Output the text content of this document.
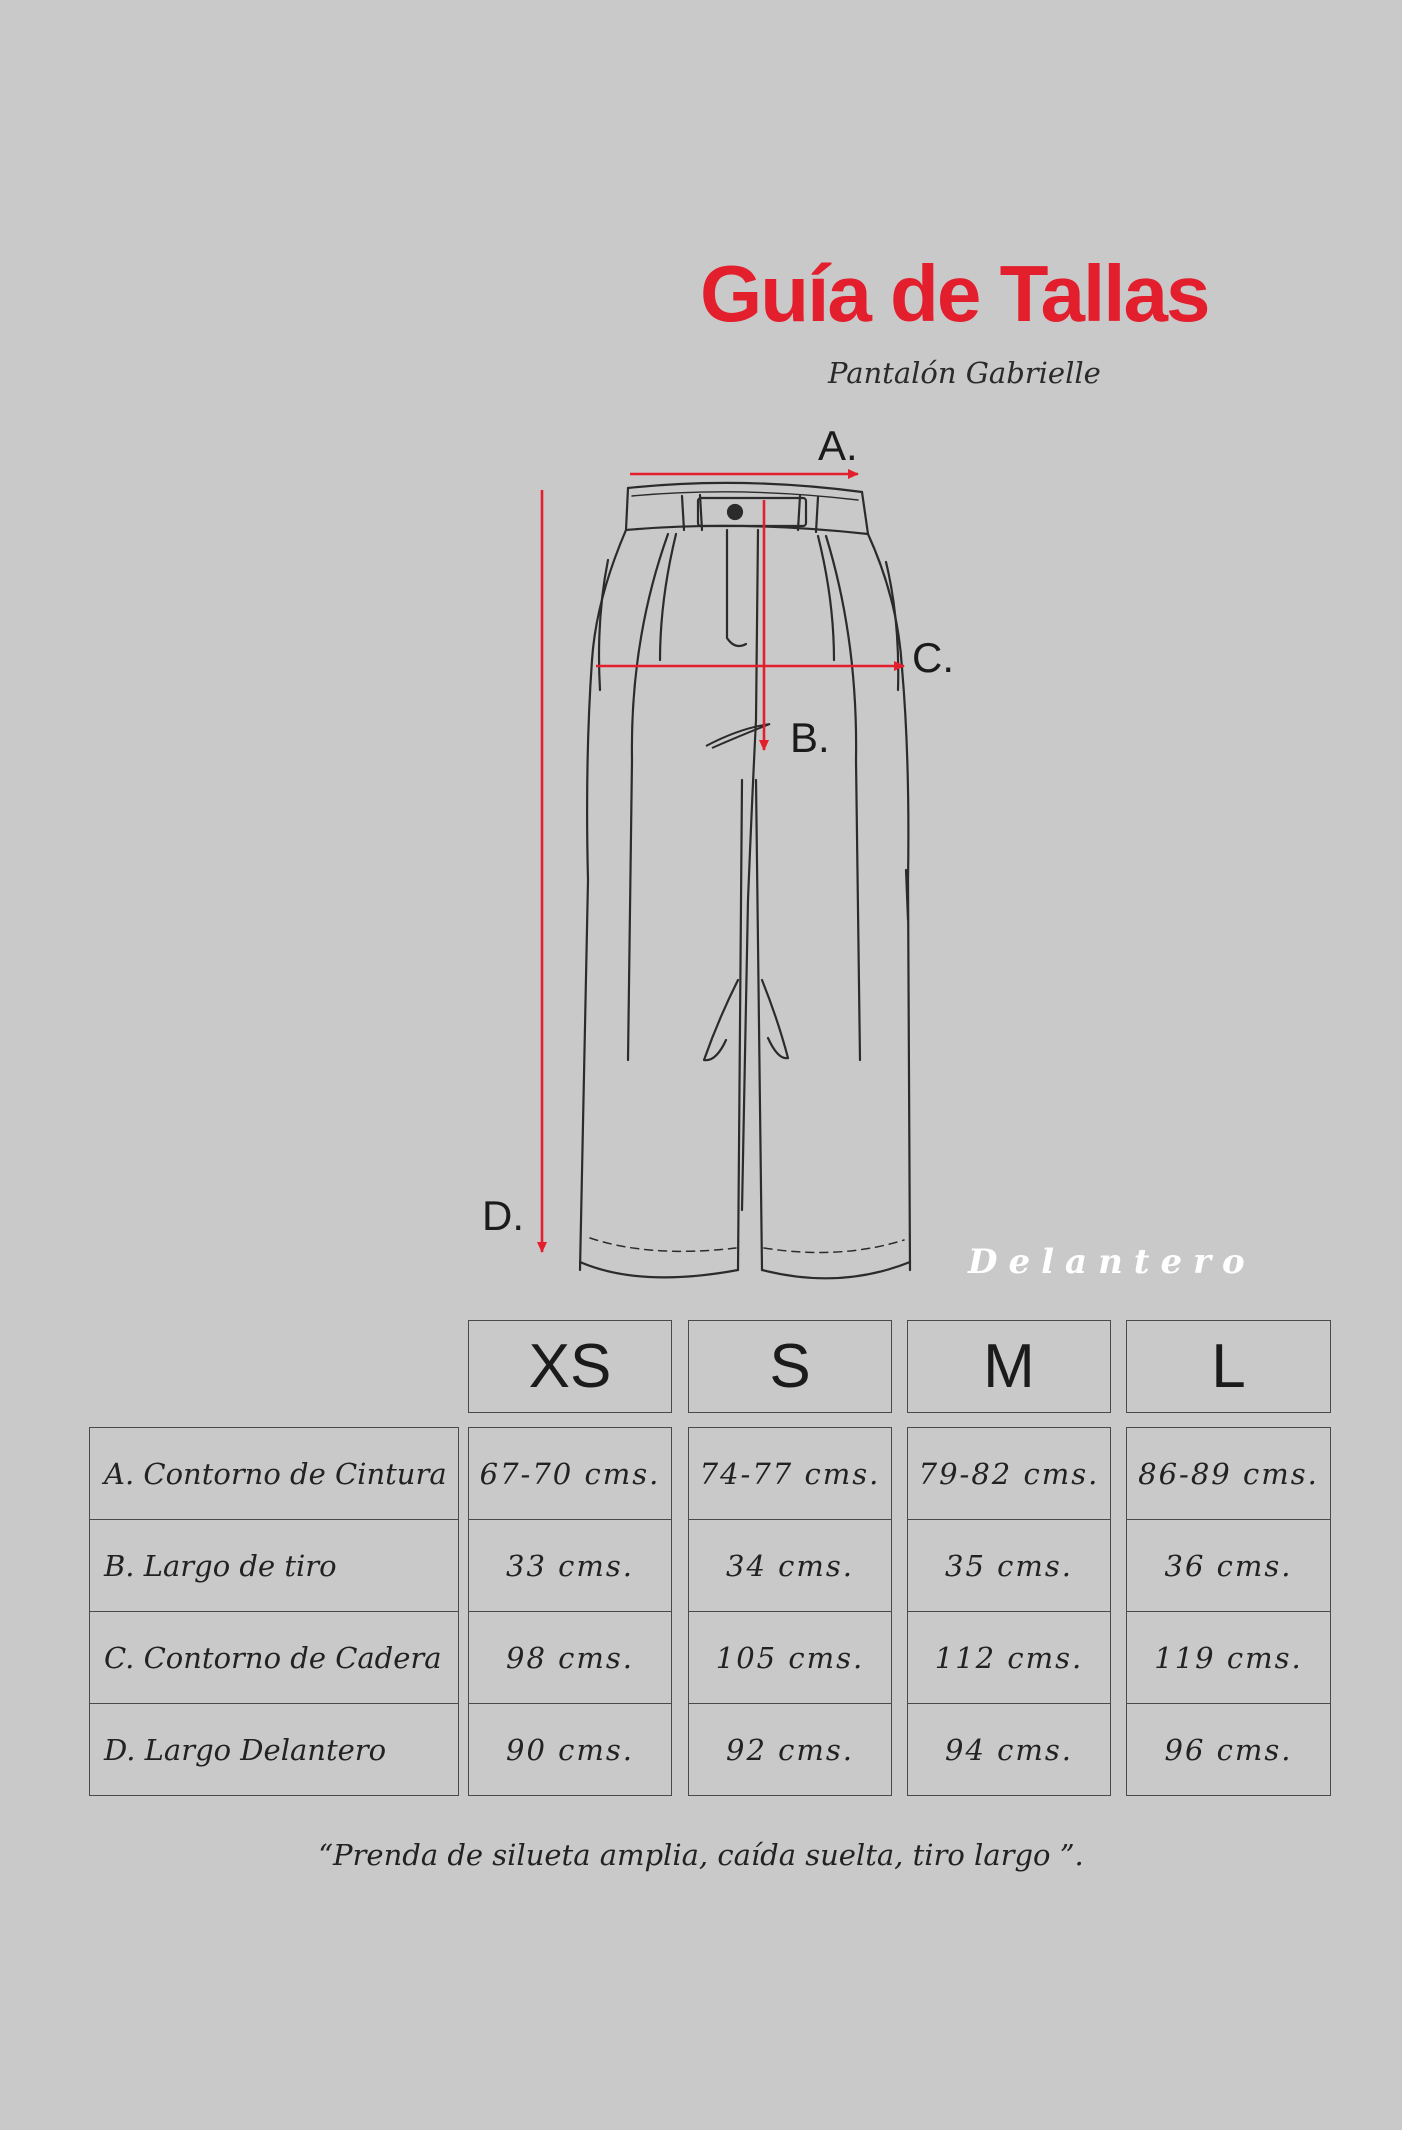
Guía de Tallas
Pantalón Gabrielle
A.
B.
C.
D.
Delantero
XS	S	M	L
A. Contorno de Cintura	67-70 cms.	74-77 cms.	79-82 cms.	86-89 cms.
B. Largo de tiro	33 cms.	34 cms.	35 cms.	36 cms.
C. Contorno de Cadera	98 cms.	105 cms.	112 cms.	119 cms.
D. Largo Delantero	90 cms.	92 cms.	94 cms.	96 cms.
“Prenda de silueta amplia, caída suelta, tiro largo ”.
